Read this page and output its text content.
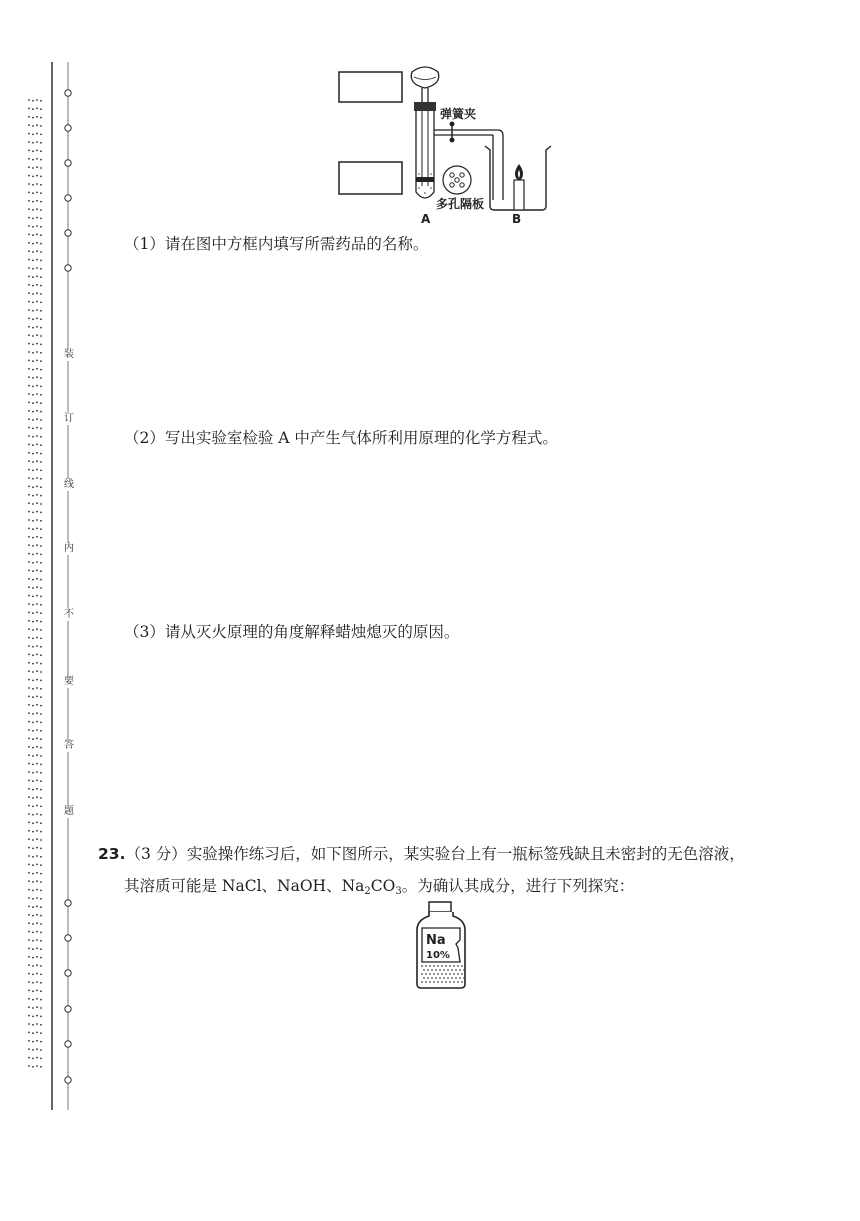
装
订
线
内
不
要
答
题
弹簧夹
多孔隔板
A	B
（1）请在图中方框内填写所需药品的名称。
（2）写出实验室检验 A 中产生气体所利用原理的化学方程式。
（3）请从灭火原理的角度解释蜡烛熄灭的原因。
23.（3 分）实验操作练习后，如下图所示，某实验台上有一瓶标签残缺且未密封的无色溶液，
其溶质可能是 NaCl、NaOH、$Na_2CO_3$。为确认其成分，进行下列探究：
Na
10%
